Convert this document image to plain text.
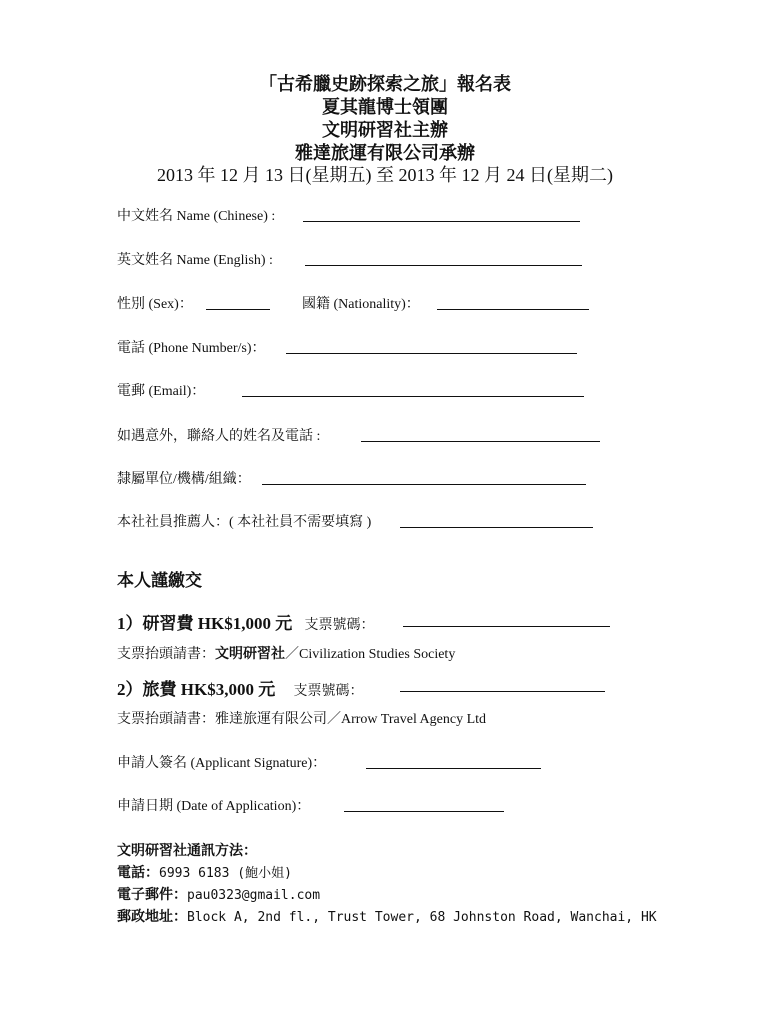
「古希臘史跡探索之旅」報名表
夏其龍博士領團
文明研習社主辦
雅達旅運有限公司承辦
2013 年 12 月 13 日(星期五) 至 2013 年 12 月 24 日(星期二)
中文姓名 Name (Chinese) :
英文姓名 Name (English) :
性別 (Sex)：	國籍 (Nationality)：
電話 (Phone Number/s)：
電郵 (Email)：
如遇意外，聯絡人的姓名及電話 :
隸屬單位/機構/組織：
本社社員推薦人：( 本社社員不需要填寫 )
本人謹繳交
1）研習費 HK$1,000 元 支票號碼：
支票抬頭請書：文明研習社／Civilization Studies Society
2）旅費 HK$3,000 元 支票號碼：
支票抬頭請書：雅達旅運有限公司／Arrow Travel Agency Ltd
申請人簽名 (Applicant Signature)：
申請日期 (Date of Application)：
文明研習社通訊方法：
電話：6993 6183 (鮑小姐)
電子郵件：pau0323@gmail.com
郵政地址：Block A, 2nd fl., Trust Tower, 68 Johnston Road, Wanchai, HK
